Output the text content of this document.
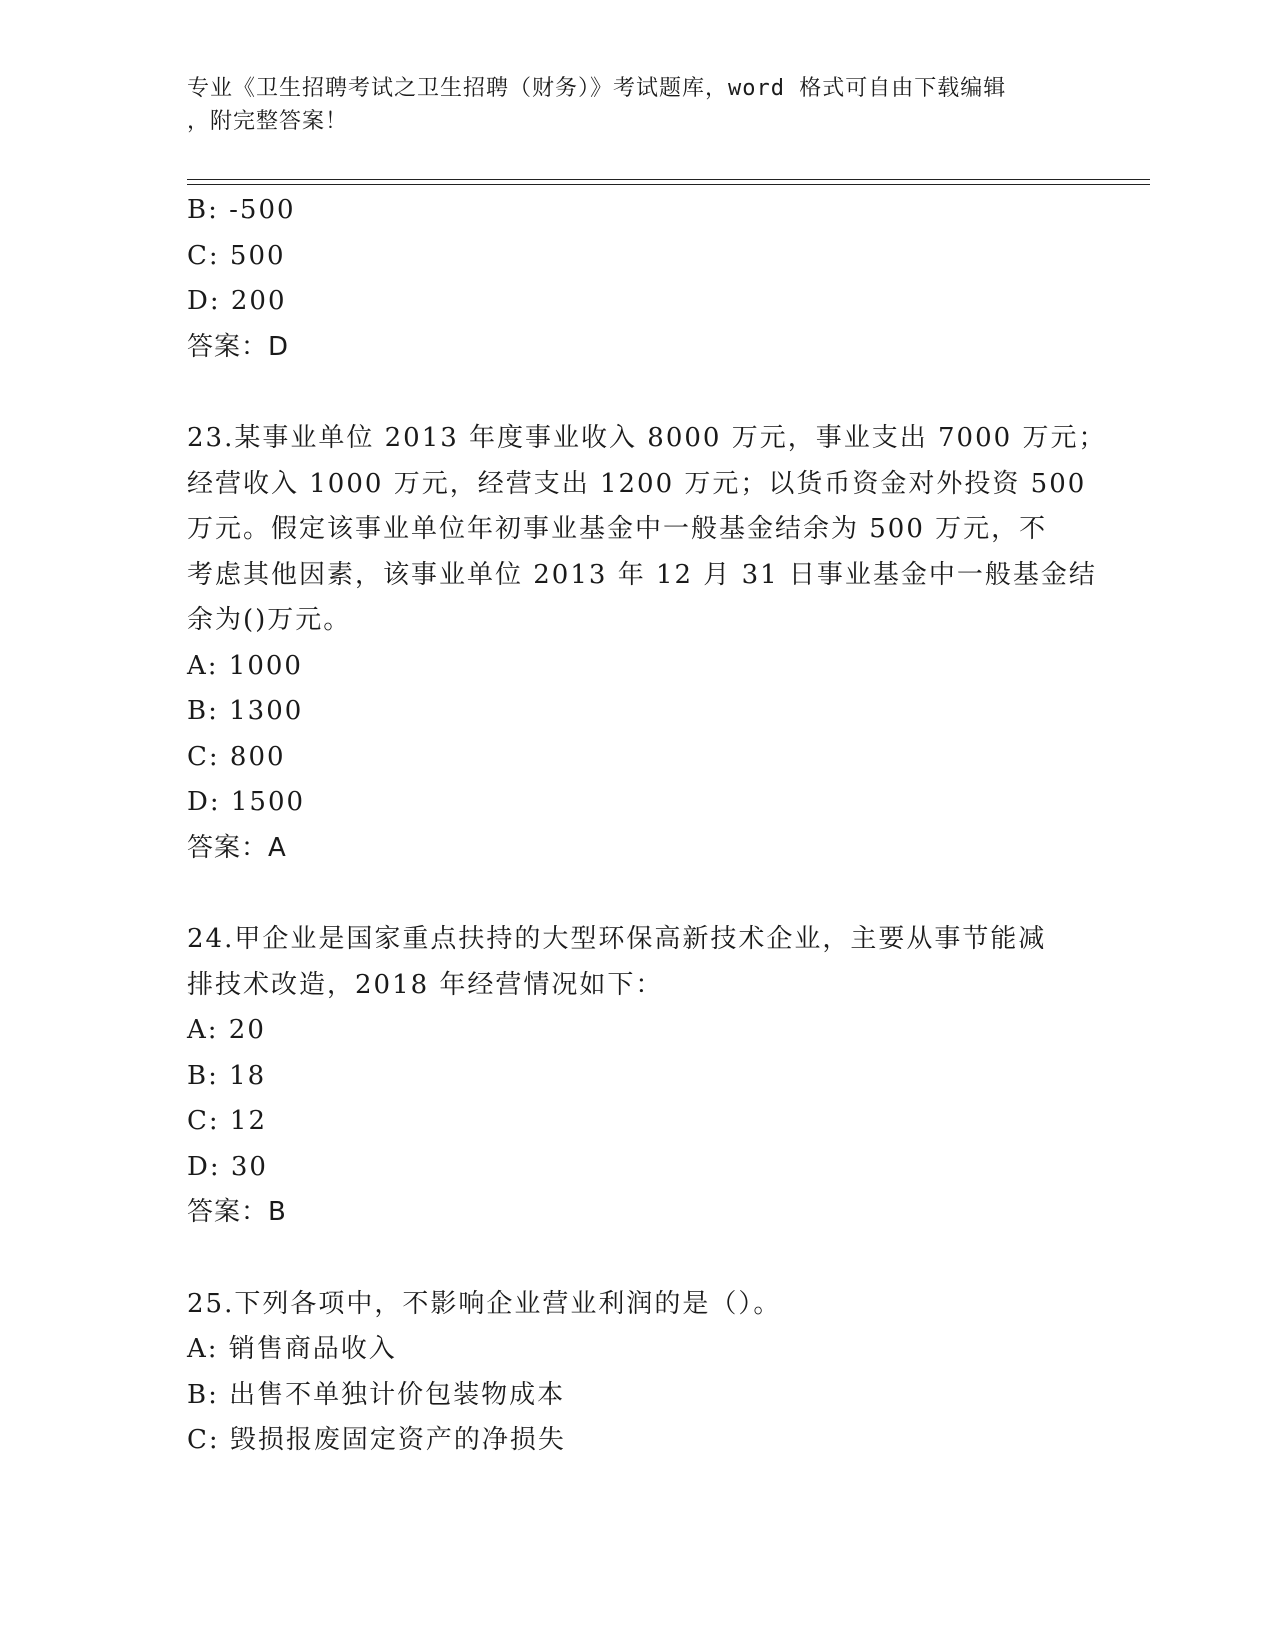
专业《卫生招聘考试之卫生招聘（财务）》考试题库，word 格式可自由下载编辑
，附完整答案！
B: -500
C: 500
D: 200
答案：D
23.某事业单位 2013 年度事业收入 8000 万元，事业支出 7000 万元；
经营收入 1000 万元，经营支出 1200 万元；以货币资金对外投资 500
万元。假定该事业单位年初事业基金中一般基金结余为 500 万元，不
考虑其他因素，该事业单位 2013 年 12 月 31 日事业基金中一般基金结
余为()万元。
A: 1000
B: 1300
C: 800
D: 1500
答案：A
24.甲企业是国家重点扶持的大型环保高新技术企业，主要从事节能减
排技术改造，2018 年经营情况如下：
A: 20
B: 18
C: 12
D: 30
答案：B
25.下列各项中，不影响企业营业利润的是（）。
A: 销售商品收入
B: 出售不单独计价包装物成本
C: 毁损报废固定资产的净损失
